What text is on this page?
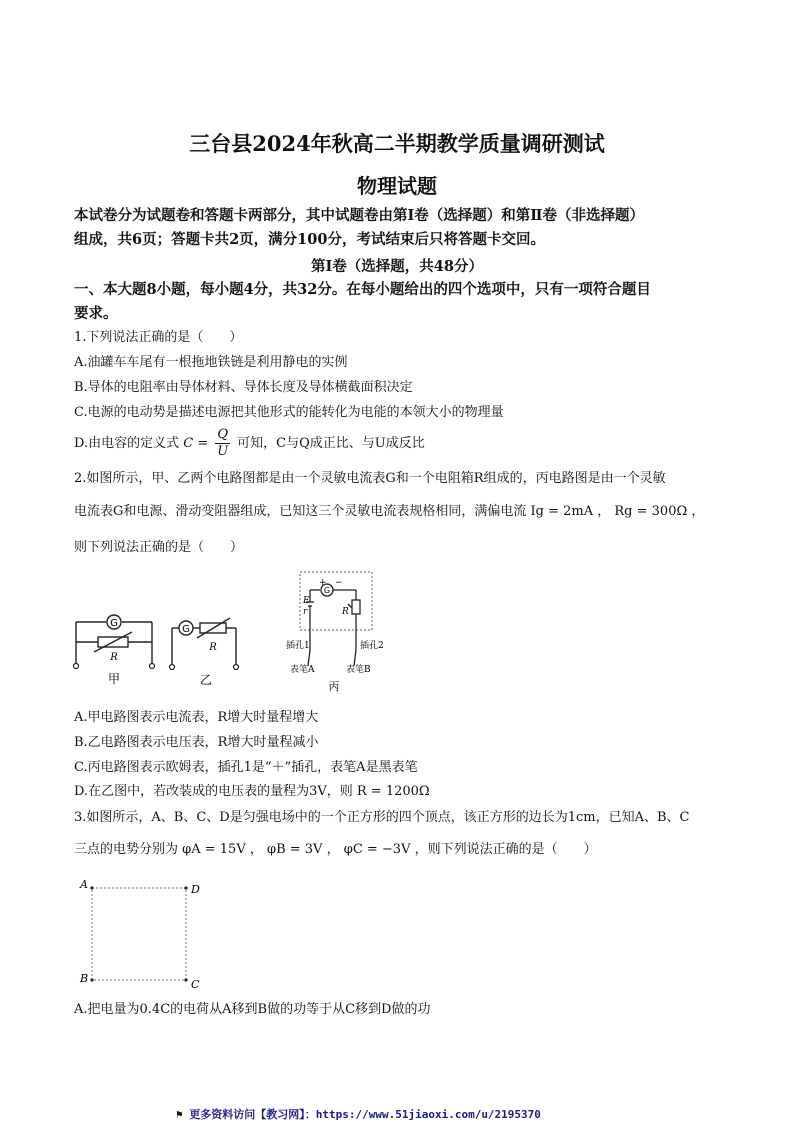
三台县2024年秋高二半期教学质量调研测试
物理试题
本试卷分为试题卷和答题卡两部分，其中试题卷由第Ⅰ卷（选择题）和第Ⅱ卷（非选择题）
组成，共6页；答题卡共2页，满分100分，考试结束后只将答题卡交回。
第Ⅰ卷（选择题，共48分）
一、本大题8小题，每小题4分，共32分。在每小题给出的四个选项中，只有一项符合题目
要求。
1.下列说法正确的是（　　）
A.油罐车车尾有一根拖地铁链是利用静电的实例
B.导体的电阻率由导体材料、导体长度及导体横截面积决定
C.电源的电动势是描述电源把其他形式的能转化为电能的本领大小的物理量
D.由电容的定义式 $C = \frac{Q}{U}$ 可知，C与Q成正比、与U成反比
2.如图所示，甲、乙两个电路图都是由一个灵敏电流表G和一个电阻箱R组成的，丙电路图是由一个灵敏
电流表G和电源、滑动变阻器组成，已知这三个灵敏电流表规格相同，满偏电流 Ig = 2mA ， Rg = 300Ω ，
则下列说法正确的是（　　）
G
R
甲
G
R
乙
+ −
G
E
r	R
插孔1	插孔2
表笔A	表笔B
丙
A.甲电路图表示电流表，R增大时量程增大
B.乙电路图表示电压表，R增大时量程减小
C.丙电路图表示欧姆表，插孔1是“＋”插孔，表笔A是黑表笔
D.在乙图中，若改装成的电压表的量程为3V，则 R = 1200Ω
3.如图所示，A、B、C、D是匀强电场中的一个正方形的四个顶点，该正方形的边长为1cm，已知A、B、C
三点的电势分别为 φA = 15V ， φB = 3V ， φC = −3V ，则下列说法正确的是（　　）
A	D
B	C
A.把电量为0.4C的电荷从A移到B做的功等于从C移到D做的功
⚑ 更多资料访问【教习网】：https://www.51jiaoxi.com/u/2195370
